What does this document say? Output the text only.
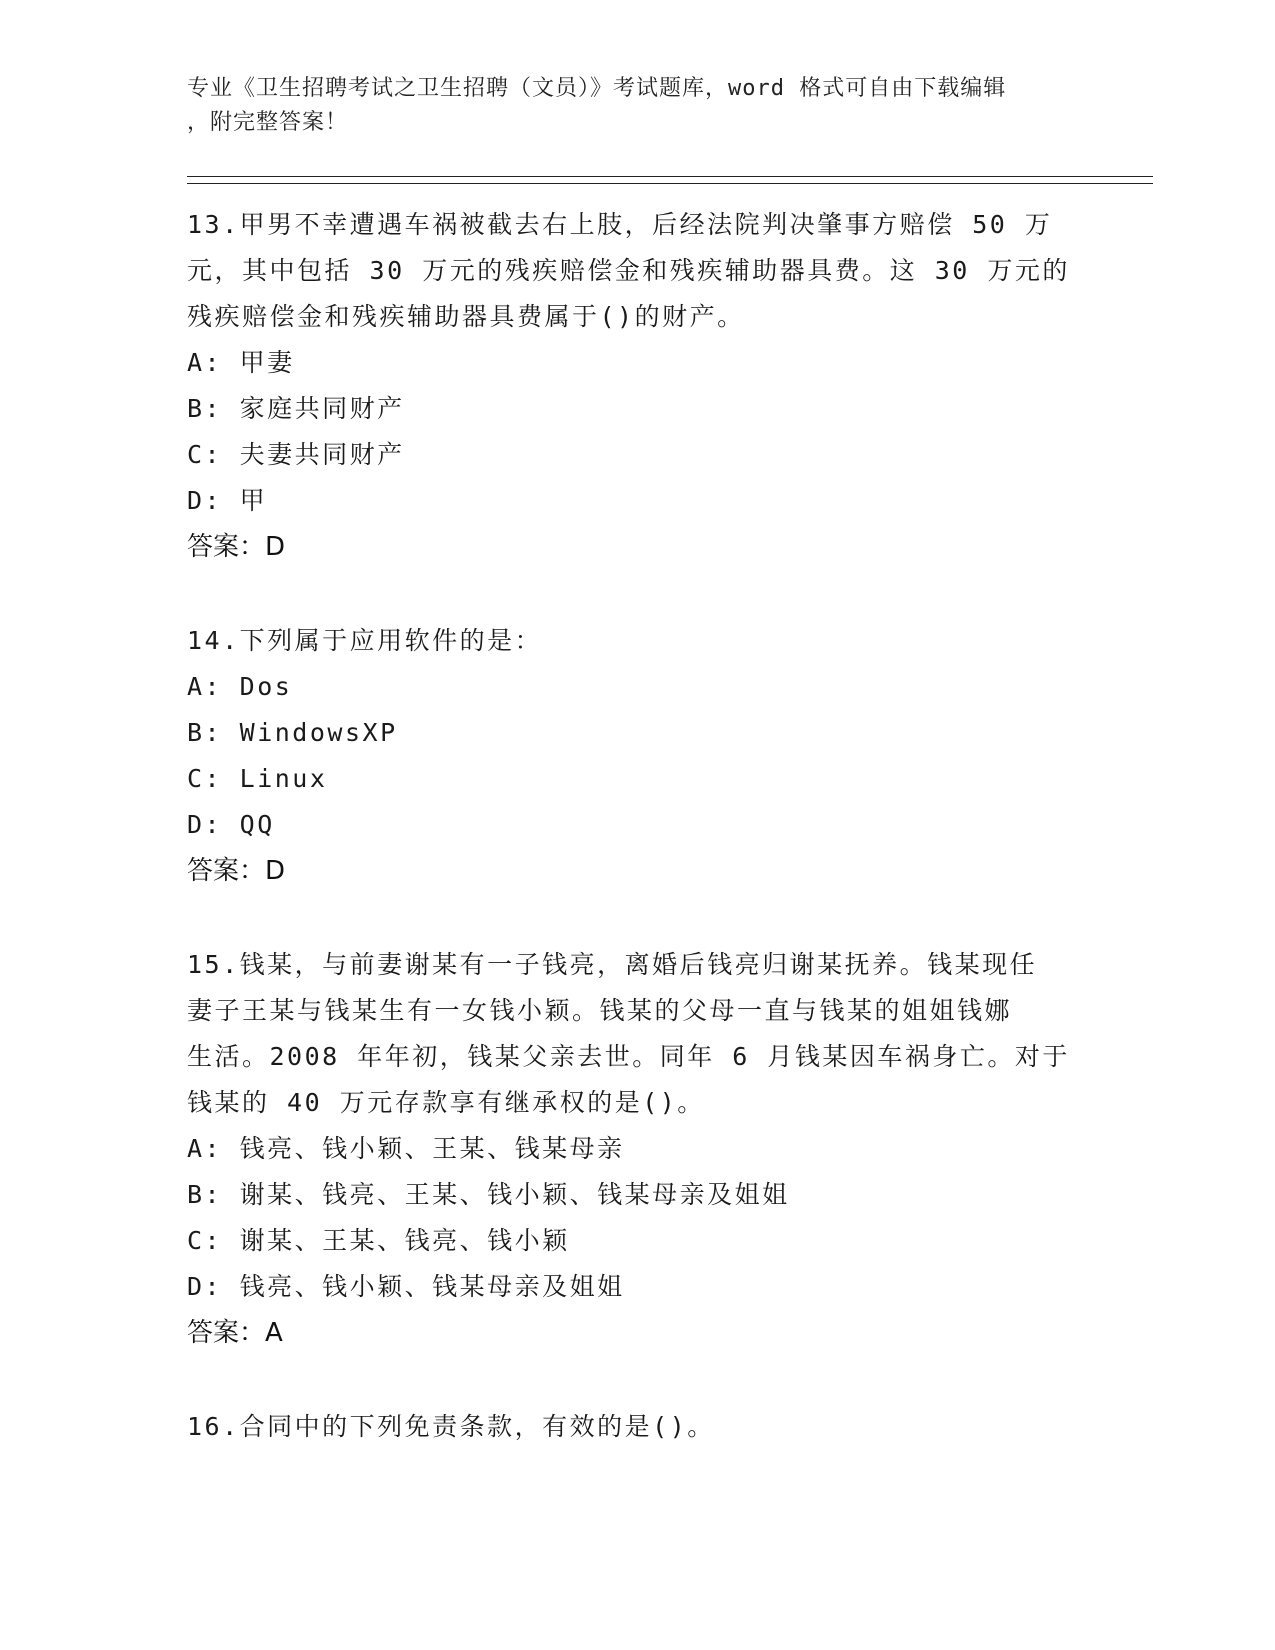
专业《卫生招聘考试之卫生招聘（文员）》考试题库，word 格式可自由下载编辑
，附完整答案！
13.甲男不幸遭遇车祸被截去右上肢，后经法院判决肇事方赔偿 50 万
元，其中包括 30 万元的残疾赔偿金和残疾辅助器具费。这 30 万元的
残疾赔偿金和残疾辅助器具费属于()的财产。
A: 甲妻
B: 家庭共同财产
C: 夫妻共同财产
D: 甲
答案：D
14.下列属于应用软件的是：
A: Dos
B: WindowsXP
C: Linux
D: QQ
答案：D
15.钱某，与前妻谢某有一子钱亮，离婚后钱亮归谢某抚养。钱某现任
妻子王某与钱某生有一女钱小颖。钱某的父母一直与钱某的姐姐钱娜
生活。2008 年年初，钱某父亲去世。同年 6 月钱某因车祸身亡。对于
钱某的 40 万元存款享有继承权的是()。
A: 钱亮、钱小颖、王某、钱某母亲
B: 谢某、钱亮、王某、钱小颖、钱某母亲及姐姐
C: 谢某、王某、钱亮、钱小颖
D: 钱亮、钱小颖、钱某母亲及姐姐
答案：A
16.合同中的下列免责条款，有效的是()。
